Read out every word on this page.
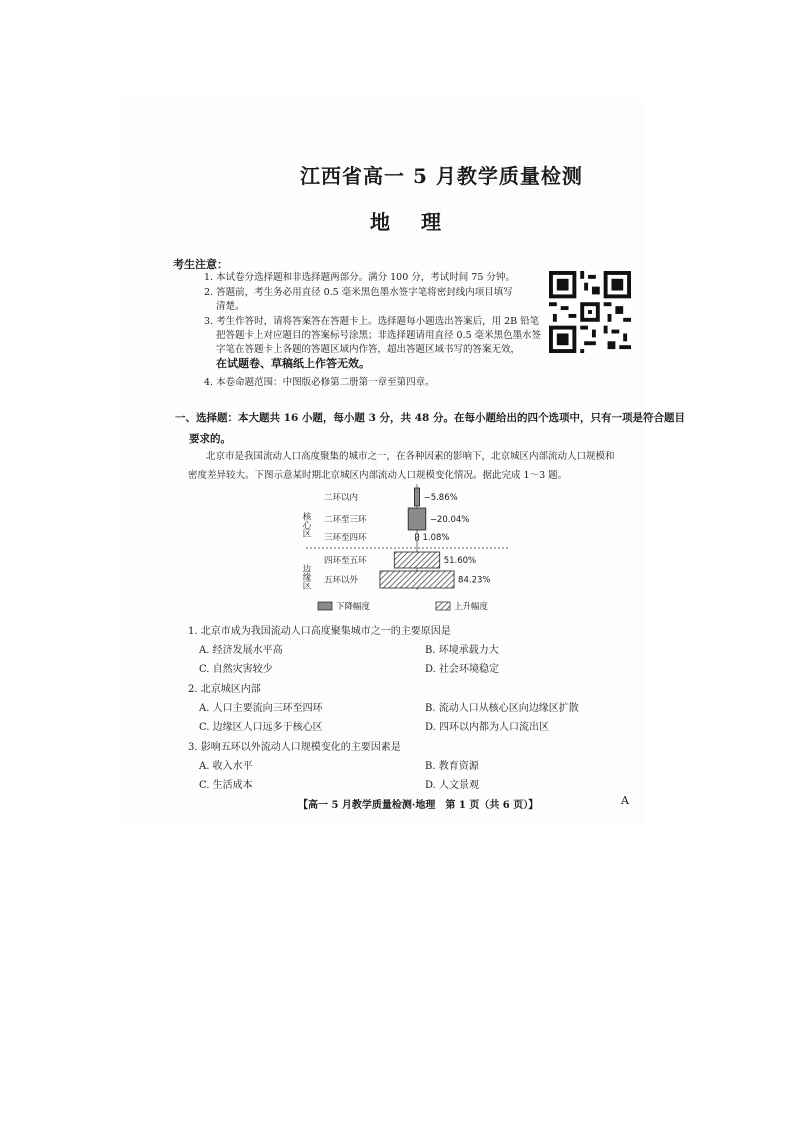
江西省高一 5 月教学质量检测
地 理
考生注意：
1. 本试卷分选择题和非选择题两部分。满分 100 分，考试时间 75 分钟。
2. 答题前，考生务必用直径 0.5 毫米黑色墨水签字笔将密封线内项目填写
清楚。
3. 考生作答时，请将答案答在答题卡上。选择题每小题选出答案后，用 2B 铅笔
把答题卡上对应题目的答案标号涂黑；非选择题请用直径 0.5 毫米黑色墨水签
字笔在答题卡上各题的答题区域内作答，超出答题区域书写的答案无效，
在试题卷、草稿纸上作答无效。
4. 本卷命题范围：中图版必修第二册第一章至第四章。
一、选择题：本大题共 16 小题，每小题 3 分，共 48 分。在每小题给出的四个选项中，只有一项是符合题目
要求的。
北京市是我国流动人口高度聚集的城市之一，在各种因素的影响下，北京城区内部流动人口规模和
密度差异较大。下图示意某时期北京城区内部流动人口规模变化情况。据此完成 1～3 题。
二环以内	−5.86%
二环至三环	−20.04%
三环至四环	1.08%
四环至五环	51.60%
五环以外	84.23%
核心区
边缘区
下降幅度	上升幅度
1. 北京市成为我国流动人口高度聚集城市之一的主要原因是
A. 经济发展水平高	B. 环境承载力大
C. 自然灾害较少	D. 社会环境稳定
2. 北京城区内部
A. 人口主要流向三环至四环	B. 流动人口从核心区向边缘区扩散
C. 边缘区人口远多于核心区	D. 四环以内都为人口流出区
3. 影响五环以外流动人口规模变化的主要因素是
A. 收入水平	B. 教育资源
C. 生活成本	D. 人文景观
【高一 5 月教学质量检测·地理　第 1 页（共 6 页）】	A
